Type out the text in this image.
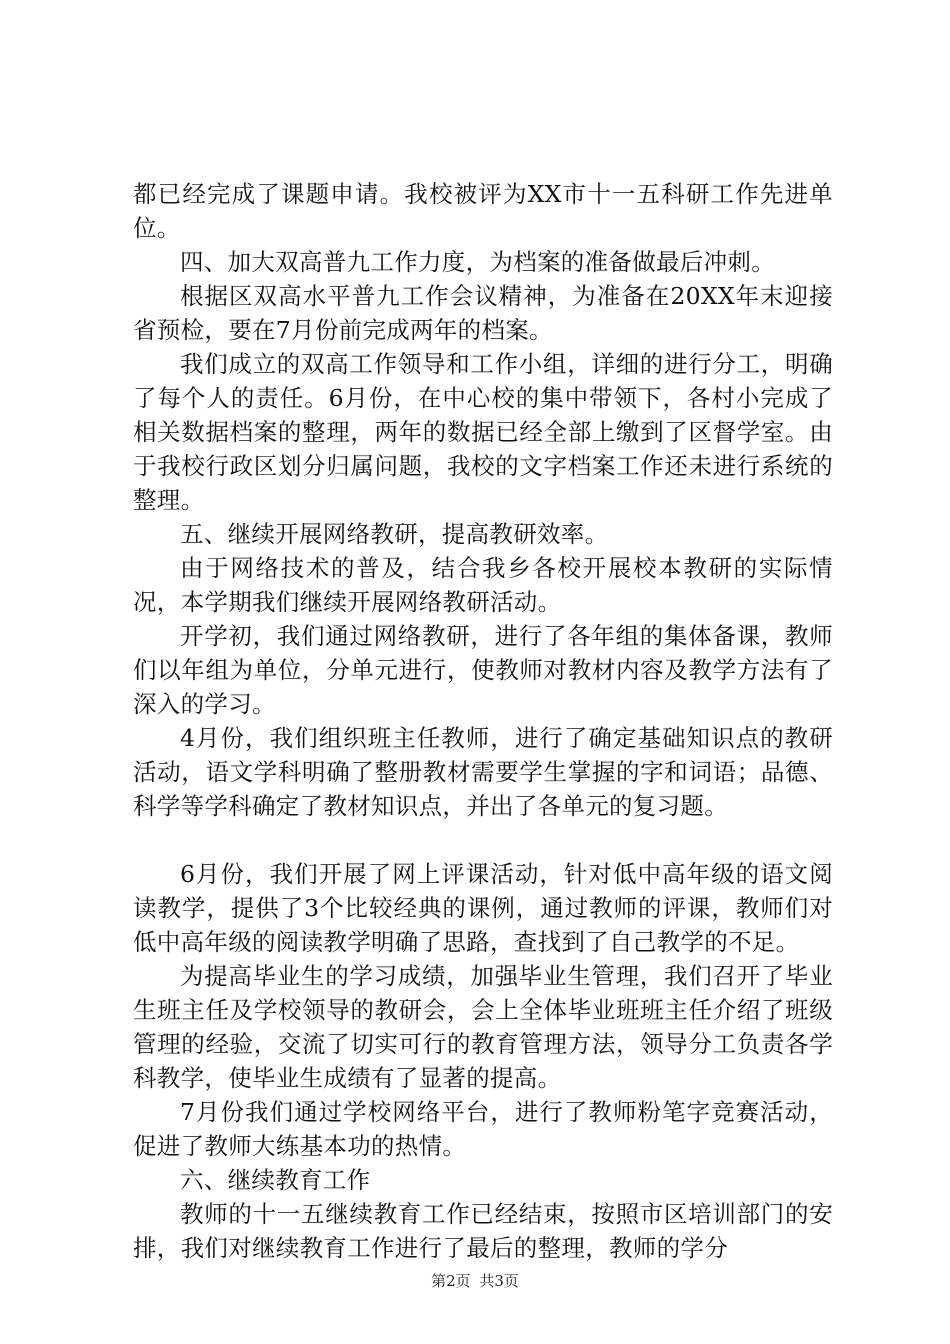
都已经完成了课题申请。我校被评为XX市十一五科研工作先进单位。

四、加大双高普九工作力度，为档案的准备做最后冲刺。

根据区双高水平普九工作会议精神，为准备在20XX年末迎接省预检，要在7月份前完成两年的档案。

我们成立的双高工作领导和工作小组，详细的进行分工，明确了每个人的责任。6月份，在中心校的集中带领下，各村小完成了相关数据档案的整理，两年的数据已经全部上缴到了区督学室。由于我校行政区划分归属问题，我校的文字档案工作还未进行系统的整理。

五、继续开展网络教研，提高教研效率。

由于网络技术的普及，结合我乡各校开展校本教研的实际情况，本学期我们继续开展网络教研活动。

开学初，我们通过网络教研，进行了各年组的集体备课，教师们以年组为单位，分单元进行，使教师对教材内容及教学方法有了深入的学习。

4月份，我们组织班主任教师，进行了确定基础知识点的教研活动，语文学科明确了整册教材需要学生掌握的字和词语；品德、科学等学科确定了教材知识点，并出了各单元的复习题。

6月份，我们开展了网上评课活动，针对低中高年级的语文阅读教学，提供了3个比较经典的课例，通过教师的评课，教师们对低中高年级的阅读教学明确了思路，查找到了自己教学的不足。

为提高毕业生的学习成绩，加强毕业生管理，我们召开了毕业生班主任及学校领导的教研会，会上全体毕业班班主任介绍了班级管理的经验，交流了切实可行的教育管理方法，领导分工负责各学科教学，使毕业生成绩有了显著的提高。

7月份我们通过学校网络平台，进行了教师粉笔字竞赛活动，促进了教师大练基本功的热情。

六、继续教育工作

教师的十一五继续教育工作已经结束，按照市区培训部门的安排，我们对继续教育工作进行了最后的整理，教师的学分

第2页 共3页
